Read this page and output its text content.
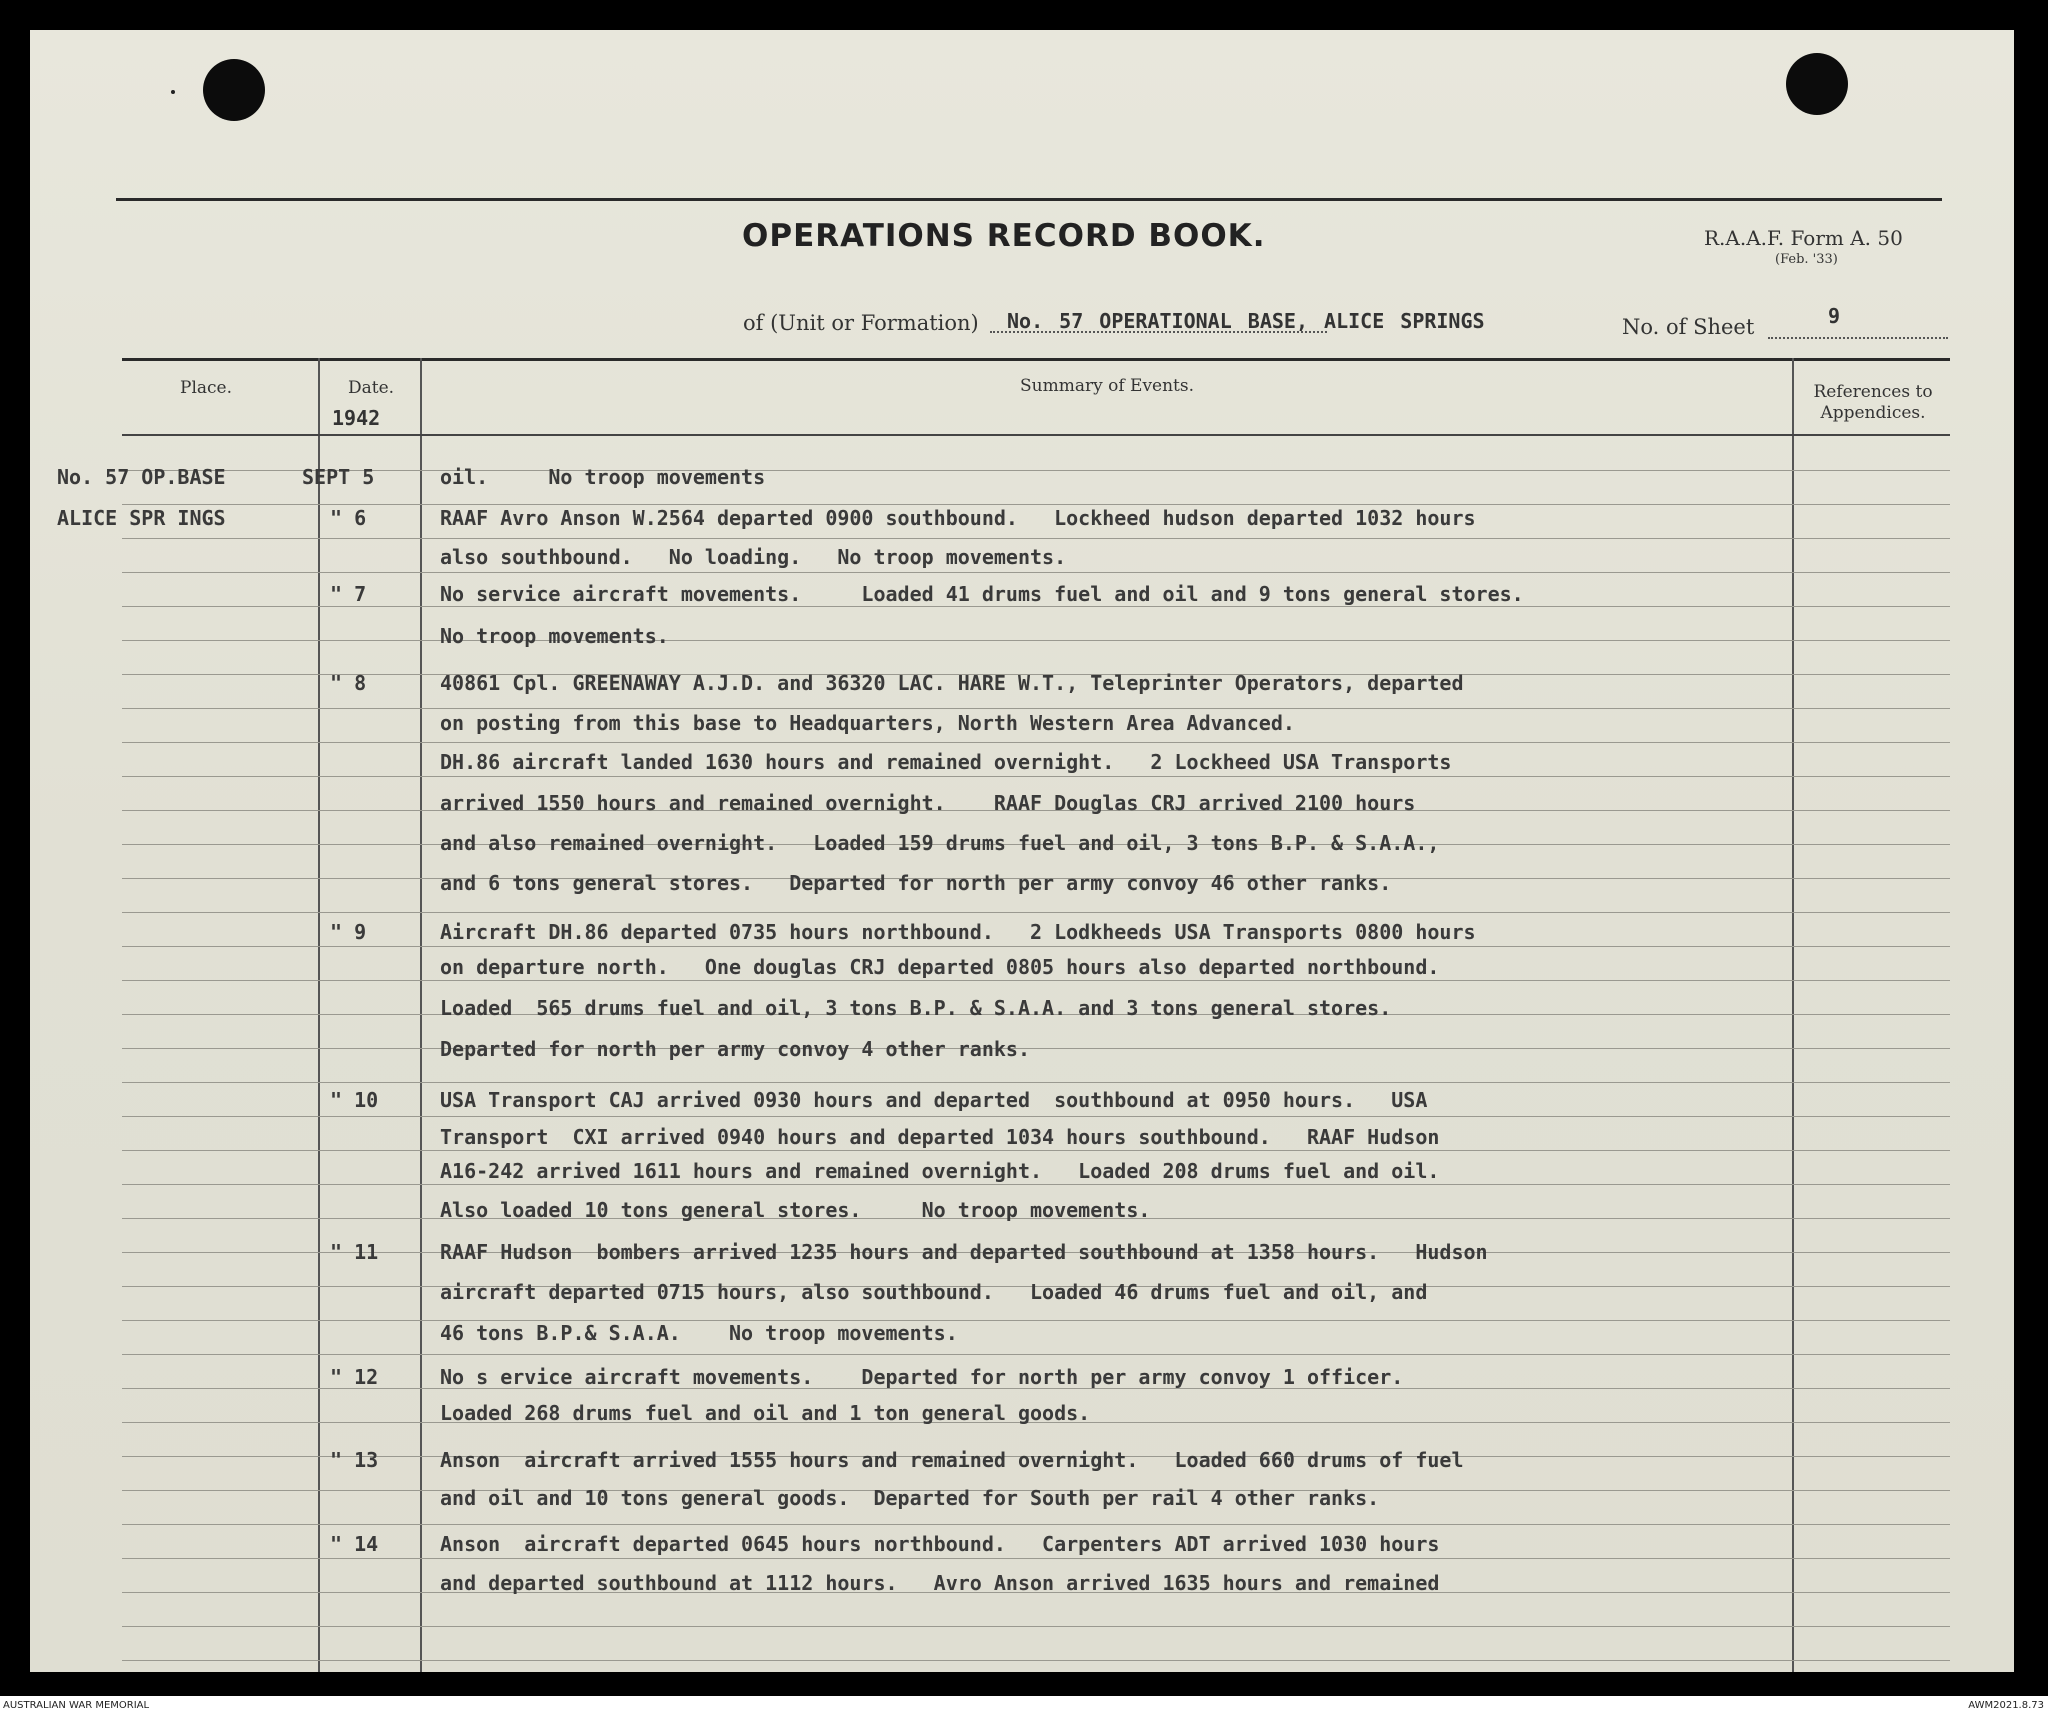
OPERATIONS RECORD BOOK.	R.A.A.F. Form A. 50
(Feb. '33)
of (Unit or Formation) No. 57 OPERATIONAL BASE, ALICE SPRINGS	No. of Sheet	9
Place.	Date.
1942
Summary of Events.	References to Appendices.
No. 57 OP.BASE	SEPT 5	oil.     No troop movements
ALICE SPR INGS	" 6	RAAF Avro Anson W.2564 departed 0900 southbound.   Lockheed hudson departed 1032 hours
also southbound.   No loading.   No troop movements.
" 7	No service aircraft movements.     Loaded 41 drums fuel and oil and 9 tons general stores.
No troop movements.
" 8	40861 Cpl. GREENAWAY A.J.D. and 36320 LAC. HARE W.T., Teleprinter Operators, departed
on posting from this base to Headquarters, North Western Area Advanced.
DH.86 aircraft landed 1630 hours and remained overnight.   2 Lockheed USA Transports
arrived 1550 hours and remained overnight.    RAAF Douglas CRJ arrived 2100 hours
and also remained overnight.   Loaded 159 drums fuel and oil, 3 tons B.P. & S.A.A.,
and 6 tons general stores.   Departed for north per army convoy 46 other ranks.
" 9	Aircraft DH.86 departed 0735 hours northbound.   2 Lodkheeds USA Transports 0800 hours
on departure north.   One douglas CRJ departed 0805 hours also departed northbound.
Loaded  565 drums fuel and oil, 3 tons B.P. & S.A.A. and 3 tons general stores.
Departed for north per army convoy 4 other ranks.
" 10	USA Transport CAJ arrived 0930 hours and departed  southbound at 0950 hours.   USA
Transport  CXI arrived 0940 hours and departed 1034 hours southbound.   RAAF Hudson
A16-242 arrived 1611 hours and remained overnight.   Loaded 208 drums fuel and oil.
Also loaded 10 tons general stores.     No troop movements.
" 11	RAAF Hudson  bombers arrived 1235 hours and departed southbound at 1358 hours.   Hudson
aircraft departed 0715 hours, also southbound.   Loaded 46 drums fuel and oil, and
46 tons B.P.& S.A.A.    No troop movements.
" 12	No s ervice aircraft movements.    Departed for north per army convoy 1 officer.
Loaded 268 drums fuel and oil and 1 ton general goods.
" 13	Anson  aircraft arrived 1555 hours and remained overnight.   Loaded 660 drums of fuel
and oil and 10 tons general goods.  Departed for South per rail 4 other ranks.
" 14	Anson  aircraft departed 0645 hours northbound.   Carpenters ADT arrived 1030 hours
and departed southbound at 1112 hours.   Avro Anson arrived 1635 hours and remained
AUSTRALIAN WAR MEMORIAL	AWM2021.8.73
